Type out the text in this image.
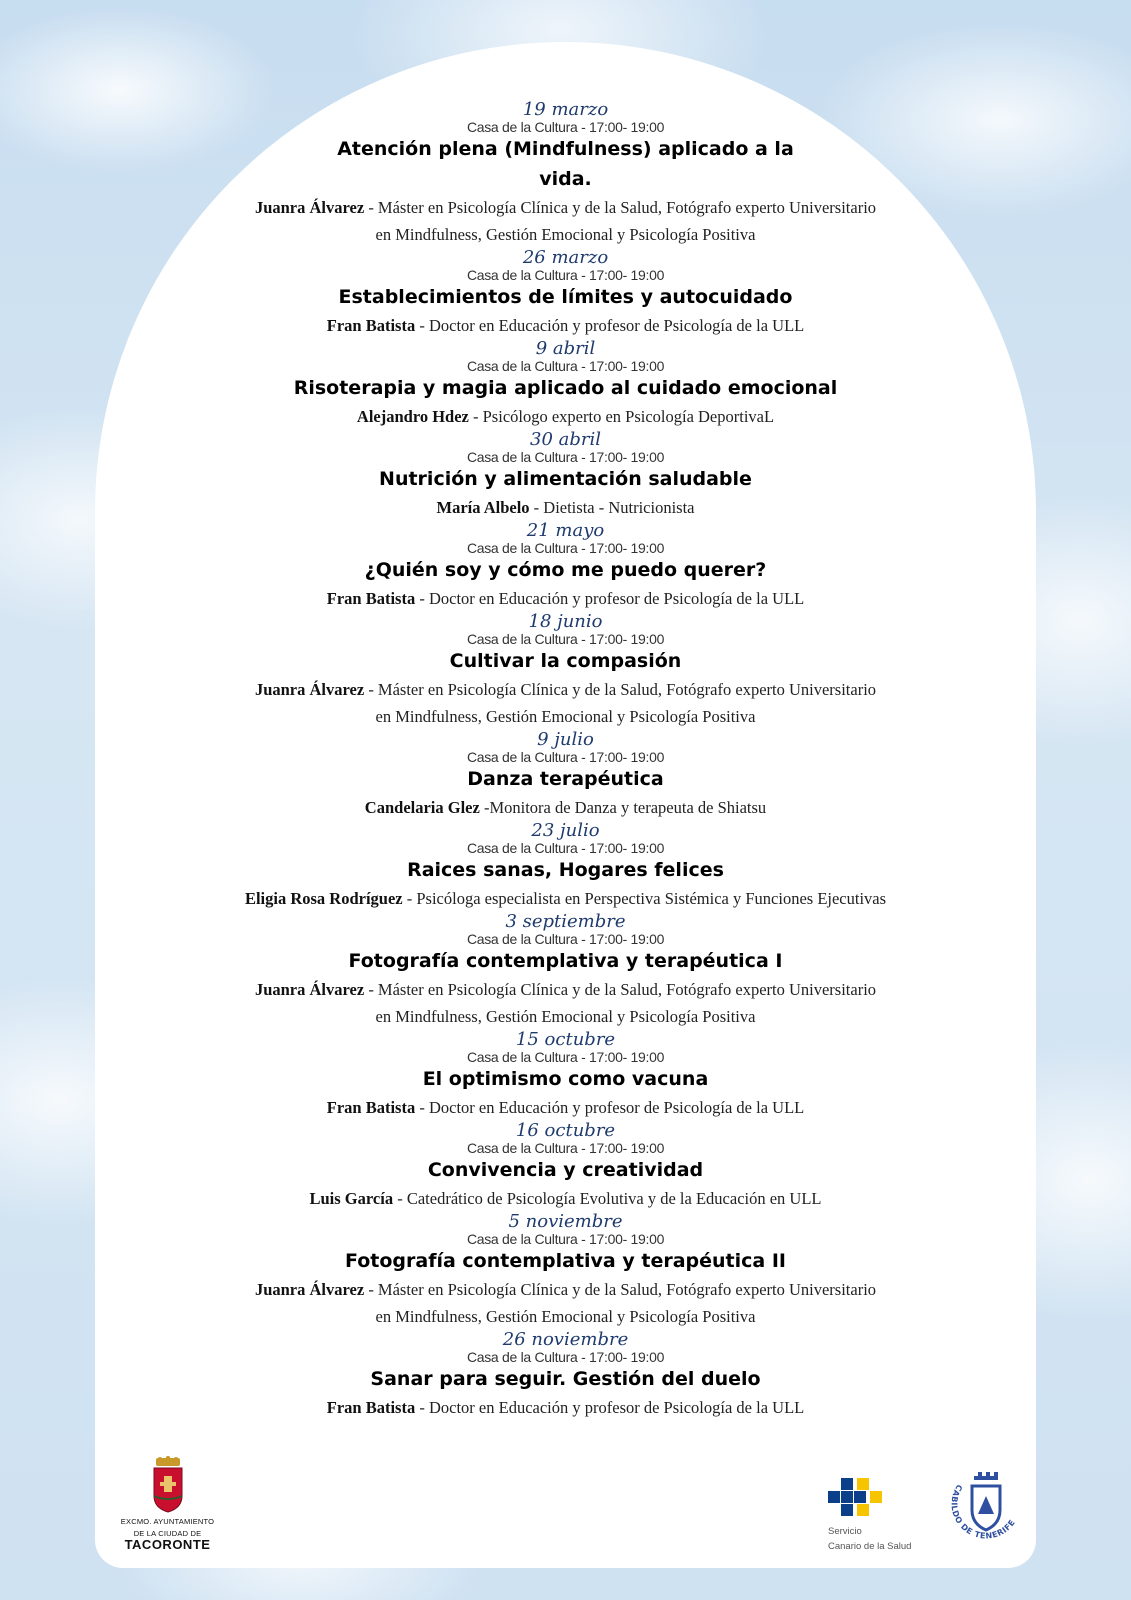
19 marzo
Casa de la Cultura - 17:00- 19:00
Atención plena (Mindfulness) aplicado a la vida.
Juanra Álvarez - Máster en Psicología Clínica y de la Salud, Fotógrafo experto Universitario
en Mindfulness, Gestión Emocional y Psicología Positiva
26 marzo
Casa de la Cultura - 17:00- 19:00
Establecimientos de límites y autocuidado
Fran Batista - Doctor en Educación y profesor de Psicología de la ULL
9 abril
Casa de la Cultura - 17:00- 19:00
Risoterapia y magia aplicado al cuidado emocional
Alejandro Hdez - Psicólogo experto en Psicología DeportivaL
30 abril
Casa de la Cultura - 17:00- 19:00
Nutrición y alimentación saludable
María Albelo - Dietista - Nutricionista
21 mayo
Casa de la Cultura - 17:00- 19:00
¿Quién soy y cómo me puedo querer?
Fran Batista - Doctor en Educación y profesor de Psicología de la ULL
18 junio
Casa de la Cultura - 17:00- 19:00
Cultivar la compasión
Juanra Álvarez - Máster en Psicología Clínica y de la Salud, Fotógrafo experto Universitario
en Mindfulness, Gestión Emocional y Psicología Positiva
9 julio
Casa de la Cultura - 17:00- 19:00
Danza terapéutica
Candelaria Glez -Monitora de Danza y terapeuta de Shiatsu
23 julio
Casa de la Cultura - 17:00- 19:00
Raices sanas, Hogares felices
Eligia Rosa Rodríguez - Psicóloga especialista en Perspectiva Sistémica y Funciones Ejecutivas
3 septiembre
Casa de la Cultura - 17:00- 19:00
Fotografía contemplativa y terapéutica I
Juanra Álvarez - Máster en Psicología Clínica y de la Salud, Fotógrafo experto Universitario
en Mindfulness, Gestión Emocional y Psicología Positiva
15 octubre
Casa de la Cultura - 17:00- 19:00
El optimismo como vacuna
Fran Batista - Doctor en Educación y profesor de Psicología de la ULL
16 octubre
Casa de la Cultura - 17:00- 19:00
Convivencia y creatividad
Luis García - Catedrático de Psicología Evolutiva y de la Educación en ULL
5 noviembre
Casa de la Cultura - 17:00- 19:00
Fotografía contemplativa y terapéutica II
Juanra Álvarez - Máster en Psicología Clínica y de la Salud, Fotógrafo experto Universitario
en Mindfulness, Gestión Emocional y Psicología Positiva
26 noviembre
Casa de la Cultura - 17:00- 19:00
Sanar para seguir. Gestión del duelo
Fran Batista - Doctor en Educación y profesor de Psicología de la ULL
EXCMO. AYUNTAMIENTO
DE LA CIUDAD DE
TACORONTE
Servicio
Canario de la Salud
CABILDO DE TENERIFE
